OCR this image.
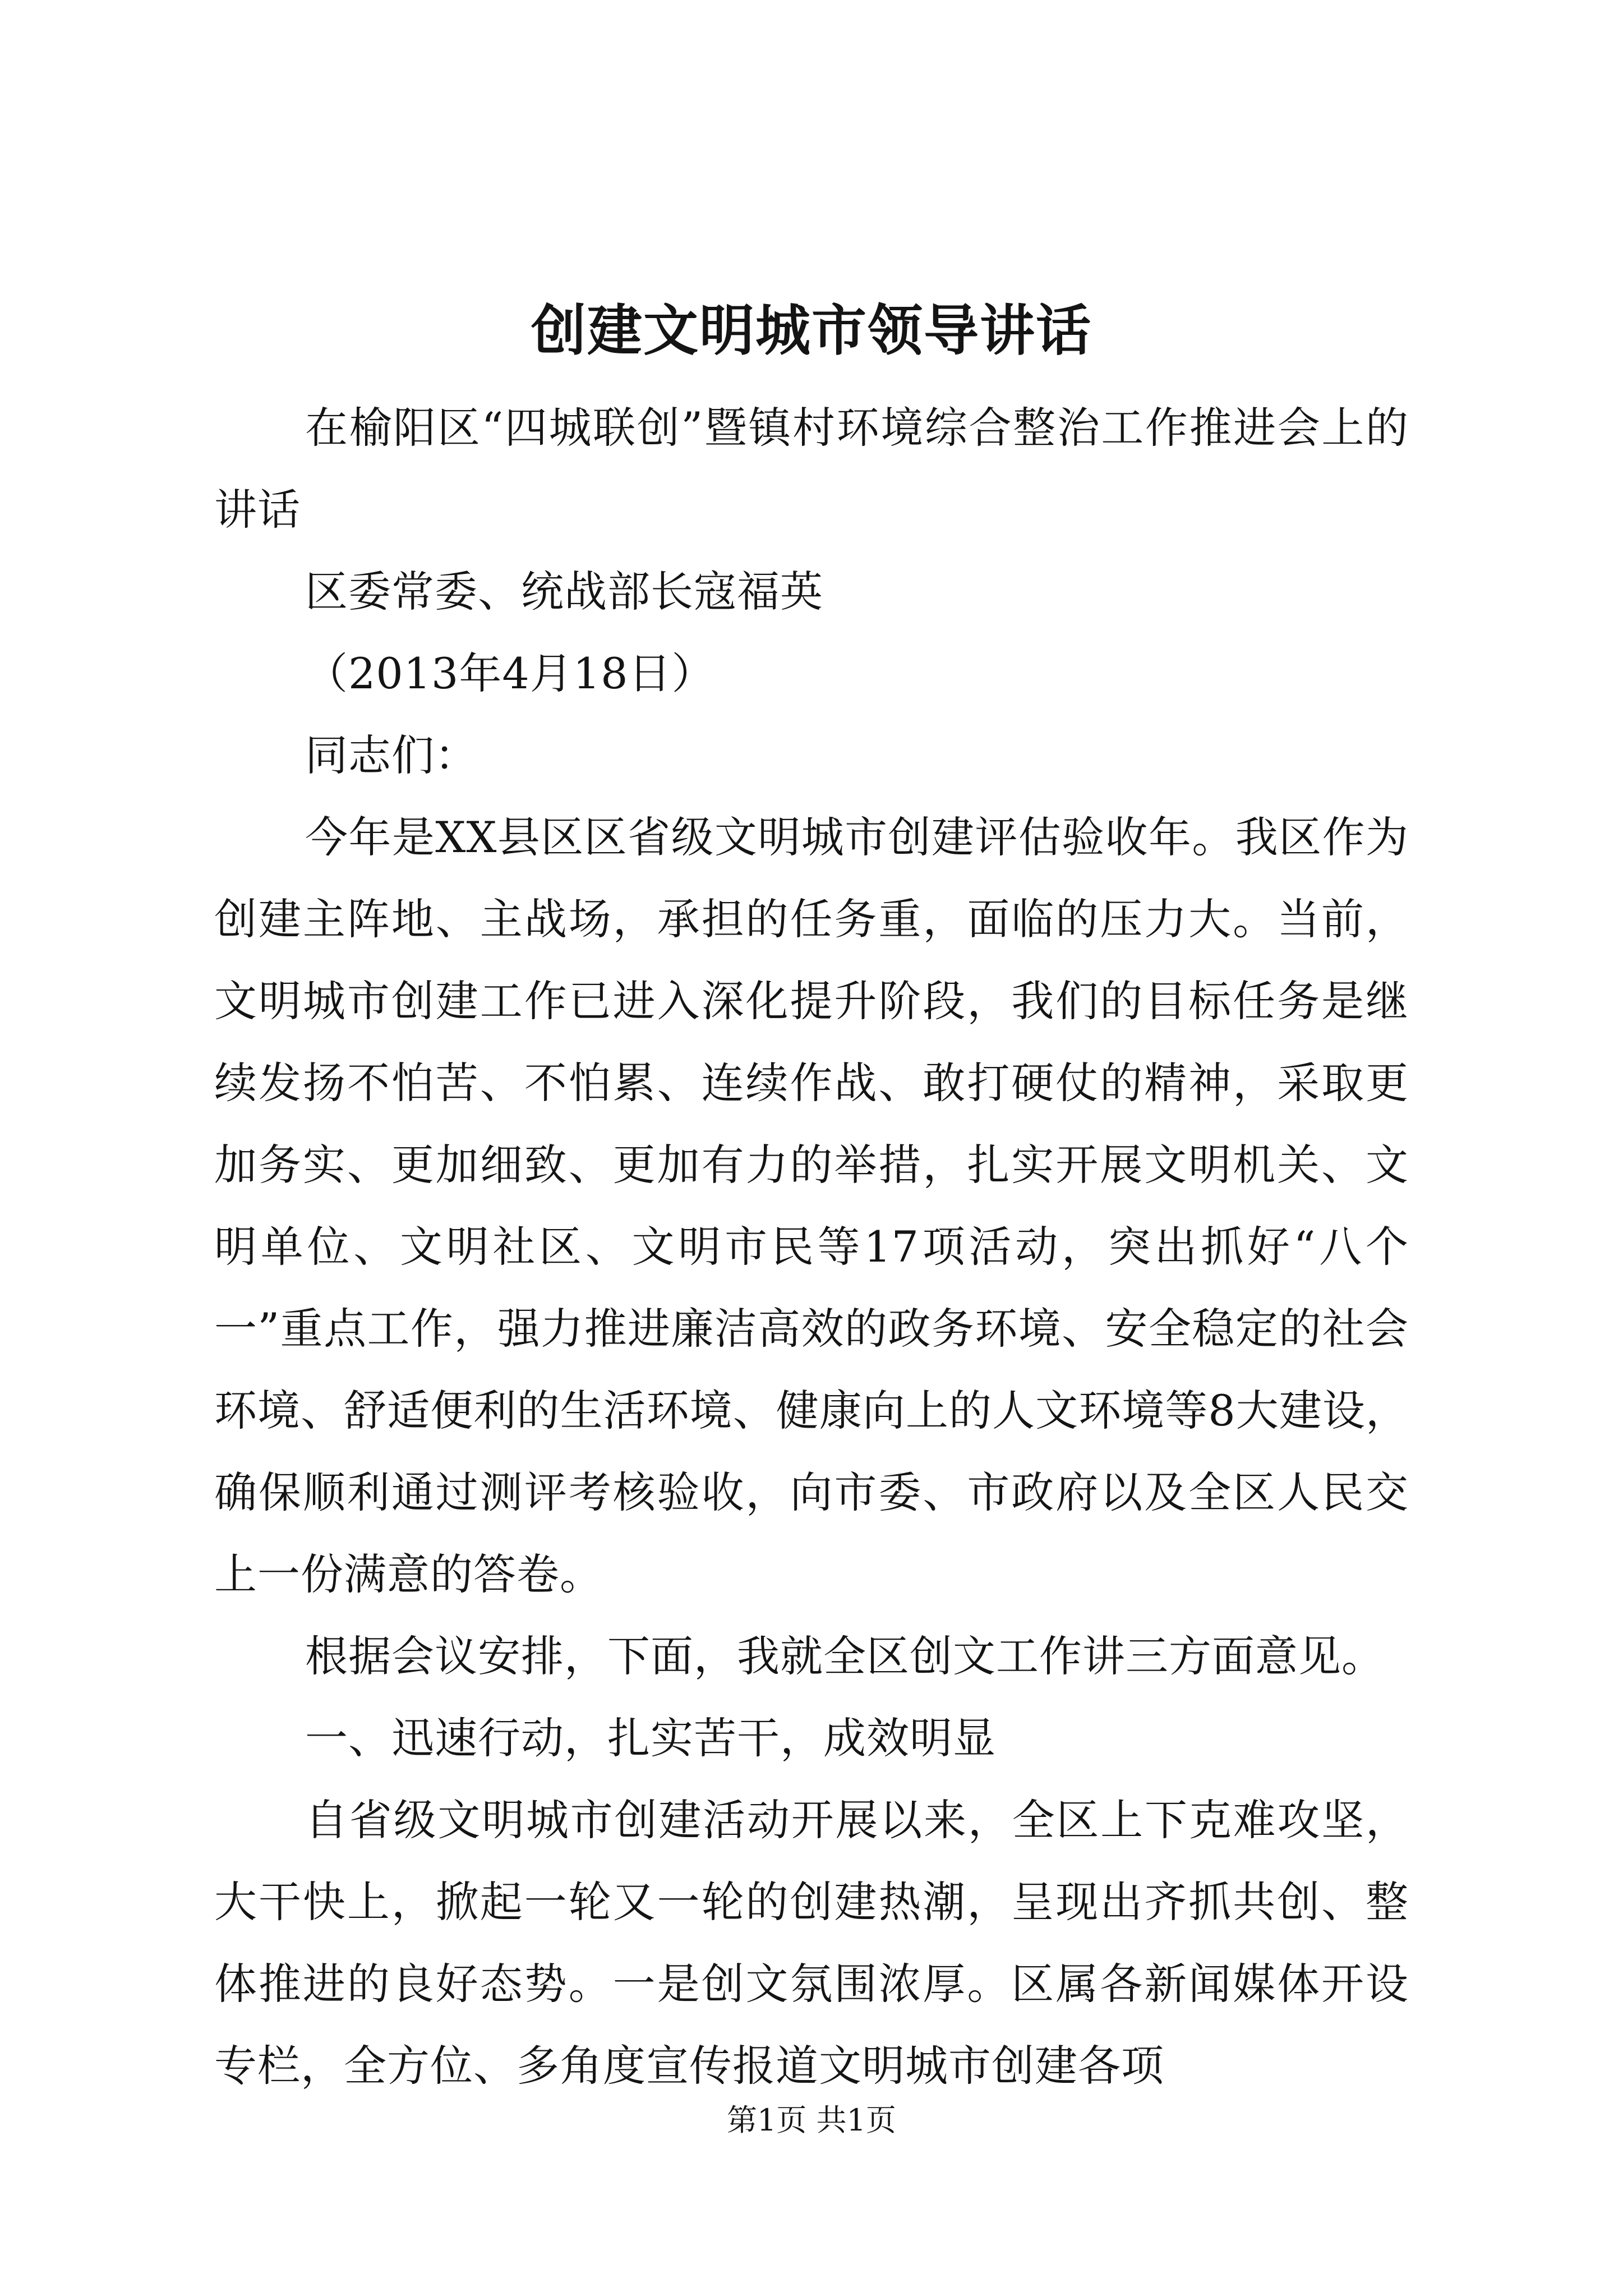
创建文明城市领导讲话

在榆阳区“四城联创”暨镇村环境综合整治工作推进会上的讲话

区委常委、统战部长寇福英

（2013年4月18日）

同志们：

今年是XX县区区省级文明城市创建评估验收年。我区作为创建主阵地、主战场，承担的任务重，面临的压力大。当前，文明城市创建工作已进入深化提升阶段，我们的目标任务是继续发扬不怕苦、不怕累、连续作战、敢打硬仗的精神，采取更加务实、更加细致、更加有力的举措，扎实开展文明机关、文明单位、文明社区、文明市民等17项活动，突出抓好“八个一”重点工作，强力推进廉洁高效的政务环境、安全稳定的社会环境、舒适便利的生活环境、健康向上的人文环境等8大建设，确保顺利通过测评考核验收，向市委、市政府以及全区人民交上一份满意的答卷。

根据会议安排，下面，我就全区创文工作讲三方面意见。

一、迅速行动，扎实苦干，成效明显

自省级文明城市创建活动开展以来，全区上下克难攻坚，大干快上，掀起一轮又一轮的创建热潮，呈现出齐抓共创、整体推进的良好态势。一是创文氛围浓厚。区属各新闻媒体开设专栏，全方位、多角度宣传报道文明城市创建各项

第1页 共1页
